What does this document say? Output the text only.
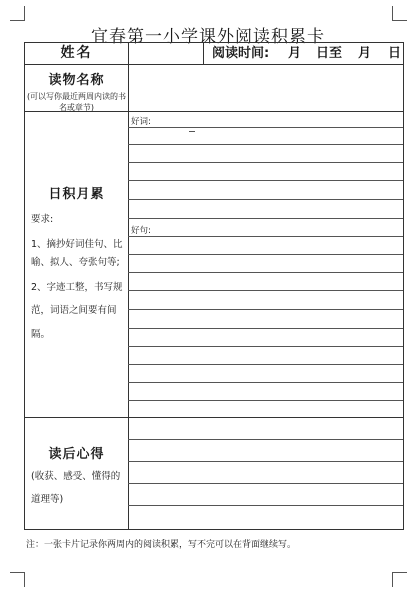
宜春第一小学课外阅读积累卡
姓名	阅读时间: 月 日至 月 日
读物名称
(可以写你最近两周内读的书名或章节)
日积月累
要求:
1、摘抄好词佳句、比
喻、拟人、夸张句等;
2、字迹工整，书写规
范，词语之间要有间
隔。
好词:
好句:
读后心得
(收获、感受、懂得的
道理等)
注：一张卡片记录你两周内的阅读积累，写不完可以在背面继续写。
